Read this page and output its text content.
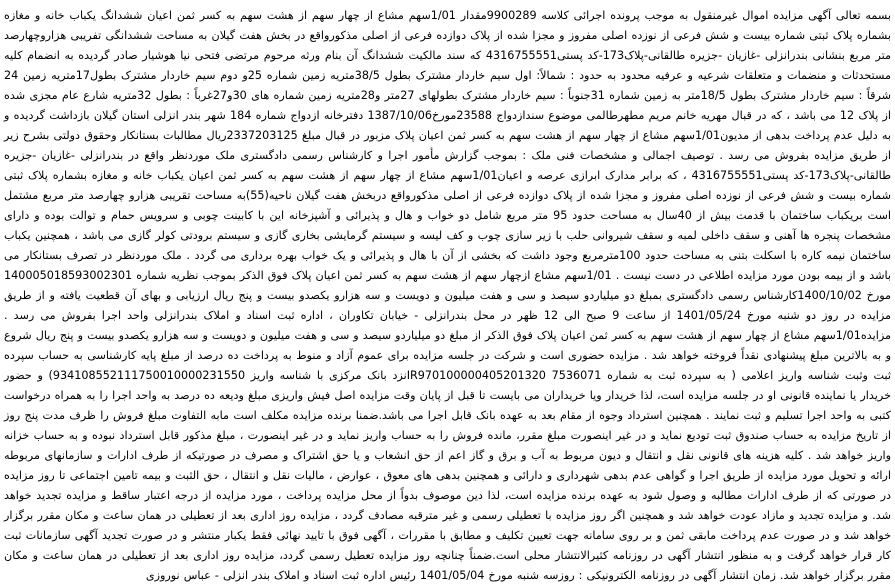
بسمه تعالی آگهی مزایده اموال غیرمنقول به موجب پرونده اجرائی کلاسه 9900289مقدار 1/01سهم مشاع از چهار سهم از هشت سهم به کسر ثمن اعیان ششدانگ یکباب خانه و مغازه بشماره پلاک ثبتی شماره بیست و شش فرعی از نوزده اصلی مفروز و مجزا شده از پلاک دوازده فرعی از اصلی مذکورواقع در بخش هفت گیلان به مساحت ششدانگی تفریبی هزاروچهارصد متر مربع بنشانی بندرانزلی -غازیان -جزیره طالقانی-پلاک173-کد پستی4316755551 که سند مالکیت ششدانگ آن بنام ورثه مرحوم مرتضی فتحی نیا هوشیار صادر گردیده به انضمام کلیه مستحدثات و منضمات و متعلقات شرعیه و عرفیه محدود به حدود : شمالاً: اول سیم خاردار مشترک بطول 38/5متریه زمین شماره 25و دوم سیم خاردار مشترک بطول17متریه زمین 24 شرقاً : سیم خاردار مشترک بطول 18/5متر به زمین شماره 31جنوباً : سیم خاردار مشترک بطولهای 27متر و28متریه زمین شماره های 30و27غرباً : بطول 32متریه شارع عام مجزی شده از پلاک 12 می باشد ، که در قبال مهریه خانم مریم مطهرطالمی موضوع سندازدواج 23588مورخ1387/10/06 دفترخانه ازدواج شماره 184 شهر بندر انزلی استان گیلان بازداشت گردیده و به دلیل عدم پرداخت بدهی از مدیون1/01سهم مشاع از چهار سهم از هشت سهم به کسر ثمن اعیان پلاک مزبور در قبال مبلغ 2337203125ریال مطالبات بستانکار وحقوق دولتی بشرح زیر از طریق مزایده بفروش می رسد . توصیف اجمالی و مشخصات فنی ملک : بموجب گزارش مأمور اجرا و کارشناس رسمی دادگستری ملک موردنظر واقع در بندرانزلی -غازیان -جزیره طالقانی-پلاک173-کد پستی4316755551 ، که برابر مدارک ابرازی عرصه و اعیان1/01سهم مشاع از چهار سهم از هشت سهم به کسر ثمن اعیان یکباب خانه و مغازه بشماره پلاک ثبتی شماره بیست و شش فرعی از نوزده اصلی مفروز و مجزا شده از پلاک دوازده فرعی از اصلی مذکورواقع دربخش هفت گیلان ناحیه(55)به مساحت تقریبی هزارو چهارصد متر مربع مشتمل است بریکباب ساختمان با قدمت بیش از 40سال به مساحت حدود 95 متر مربع شامل دو خواب و هال و پذیرائی و آشپزخانه این با کابینت چوبی و سرویس حمام و توالت بوده و دارای مشخصات پنجره ها آهنی و سقف داخلی لمبه و سقف شیروانی حلب با زیر سازی چوب و کف لیسه و سیستم گرمایشی بخاری گازی و سیستم برودتی کولر گازی می باشد ، همچنین یکباب ساختمان نیمه کاره با اسکلت بتنی به مساحت حدود 100مترمربع وجود داشت که بخشی از آن با هال و پذیرائی و یک خواب بهره برداری می گردد . ملک موردنظر در تصرف بستانکار می باشد و از بیمه بودن مورد مزایده اطلاعی در دست نیست . 1/01سهم مشاع ازچهار سهم از هشت سهم به کسر ثمن اعیان پلاک فوق الذکر بموجب نظریه شماره 140005018593002301 مورخ 1400/10/02کارشناس رسمی دادگستری بمبلغ دو میلیاردو سیصد و سی و هفت میلیون و دویست و سه هزارو یکصدو بیست و پنج ریال ارزیابی و بهای آن قطعیت یافته و از طریق مزایده در روز دو شنبه مورخ 1401/05/24 از ساعت 9 صبح الی 12 ظهر در محل بندرانزلی - خیابان تکاوران ، اداره ثبت اسناد و املاک بندرانزلی واحد اجرا بفروش می رسد . مزایده1/01سهم مشاع از چهار سهم از هشت سهم به کسر ثمن اعیان پلاک فوق الذکر از مبلغ دو میلیاردو سیصد و سی و هفت میلیون و دویست و سه هزارو یکصدو بیست و پنج ریال شروع و به بالاترین مبلغ پیشنهادی نقداً فروخته خواهد شد . مزایده حضوری است و شرکت در جلسه مزایده برای عموم آزاد و منوط به پرداخت ده درصد از مبلغ پایه کارشناسی به حساب سپرده ثبت وثبت شناسه واریز اعلامی ( به سپرده ثبت به شماره IR970100000405201320 7536071نزد بانک مرکزی با شناسه واریز 934108552111750010000231550) و حضور خریدار یا نماینده قانونی او در جلسه مزایده است، لذا خریدار ویا خریداران می بایست تا قبل از پایان وقت مزایده اصل فیش واریزی مبلغ ودیعه ده درصد به واحد اجرا را به همراه درخواست کتبی به واحد اجرا تسلیم و ثبت نمایند . همچنین استرداد وجوه از مقام بعد به عهده بانک قابل اجرا می باشد.ضمنا برنده مزایده مکلف است مابه التفاوت مبلغ فروش را ظرف مدت پنج روز از تاریخ مزایده به حساب صندوق ثبت تودیع نماید و در غیر اینصورت مبلغ مقرر، مانده فروش را به حساب واریز نماید و در غیر اینصورت ، مبلغ مذکور قابل استرداد نبوده و به حساب خزانه واریز خواهد شد . کلیه هزینه های قانونی نقل و انتقال و دیون مربوط به آب و برق و گاز اعم از حق انشعاب و یا حق اشتراک و مصرف در صورتیکه از طرف ادارات و سازمانهای مربوطه ارائه و تحویل مورد مزایده از طریق اجرا و گواهی عدم بدهی شهرداری و دارائی و همچنین بدهی های معوق ، عوارض ، مالیات نقل و انتقال ، حق الثبت و بیمه تامین اجتماعی تا روز مزایده در صورتی که از طرف ادارات مطالبه و وصول شود به عهده برنده مزایده است، لذا دین موصوف بدواً از محل مزایده پرداخت ، مورد مزایده از درجه اعتبار ساقط و مزایده تجدید خواهد شد. و مزایده تجدید و مازاد عودت خواهد شد و همچنین اگر روز مزایده با تعطیلی رسمی و غیر مترقبه مصادف گردد ، مزایده روز اداری بعد از تعطیلی در همان ساعت و مکان مقرر برگزار خواهد شد و در صورت عدم پرداخت مابقی ثمن و بر روی سامانه جهت تعیین تکلیف و مطابق با مقررات ، آگهی فوق با تایید نهائی فقط یکبار منتشر و در صورت تجدید آگهی سازمانات ثبت کار قرار خواهد گرفت و به منظور انتشار آگهی در روزنامه کثیرالانتشار محلی است.ضمناً چنانچه روز مزایده تعطیل رسمی گردد، مزایده روز اداری بعد از تعطیلی در همان ساعت و مکان مقرر برگزار خواهد شد. زمان انتشار آگهی در روزنامه الکترونیکی : روزسه شنبه مورخ 1401/05/04 رئیس اداره ثبت اسناد و املاک بندر انزلی - عباس نوروزی
